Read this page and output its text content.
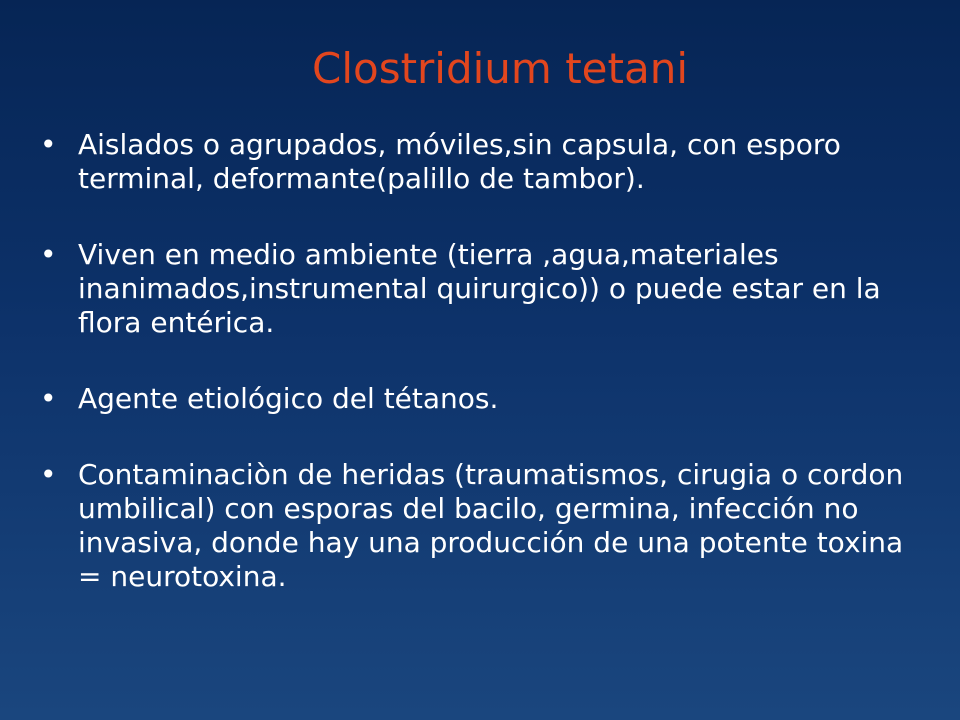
Clostridium tetani
• Aislados o agrupados, móviles,sin capsula, con esporo terminal, deformante(palillo de tambor).
• Viven en medio ambiente (tierra ,agua,materiales inanimados,instrumental quirurgico)) o puede estar en la flora entérica.
• Agente etiológico del tétanos.
• Contaminaciòn de heridas (traumatismos, cirugia o cordon umbilical) con esporas del bacilo, germina, infección no invasiva, donde hay una producción de una potente toxina = neurotoxina.
